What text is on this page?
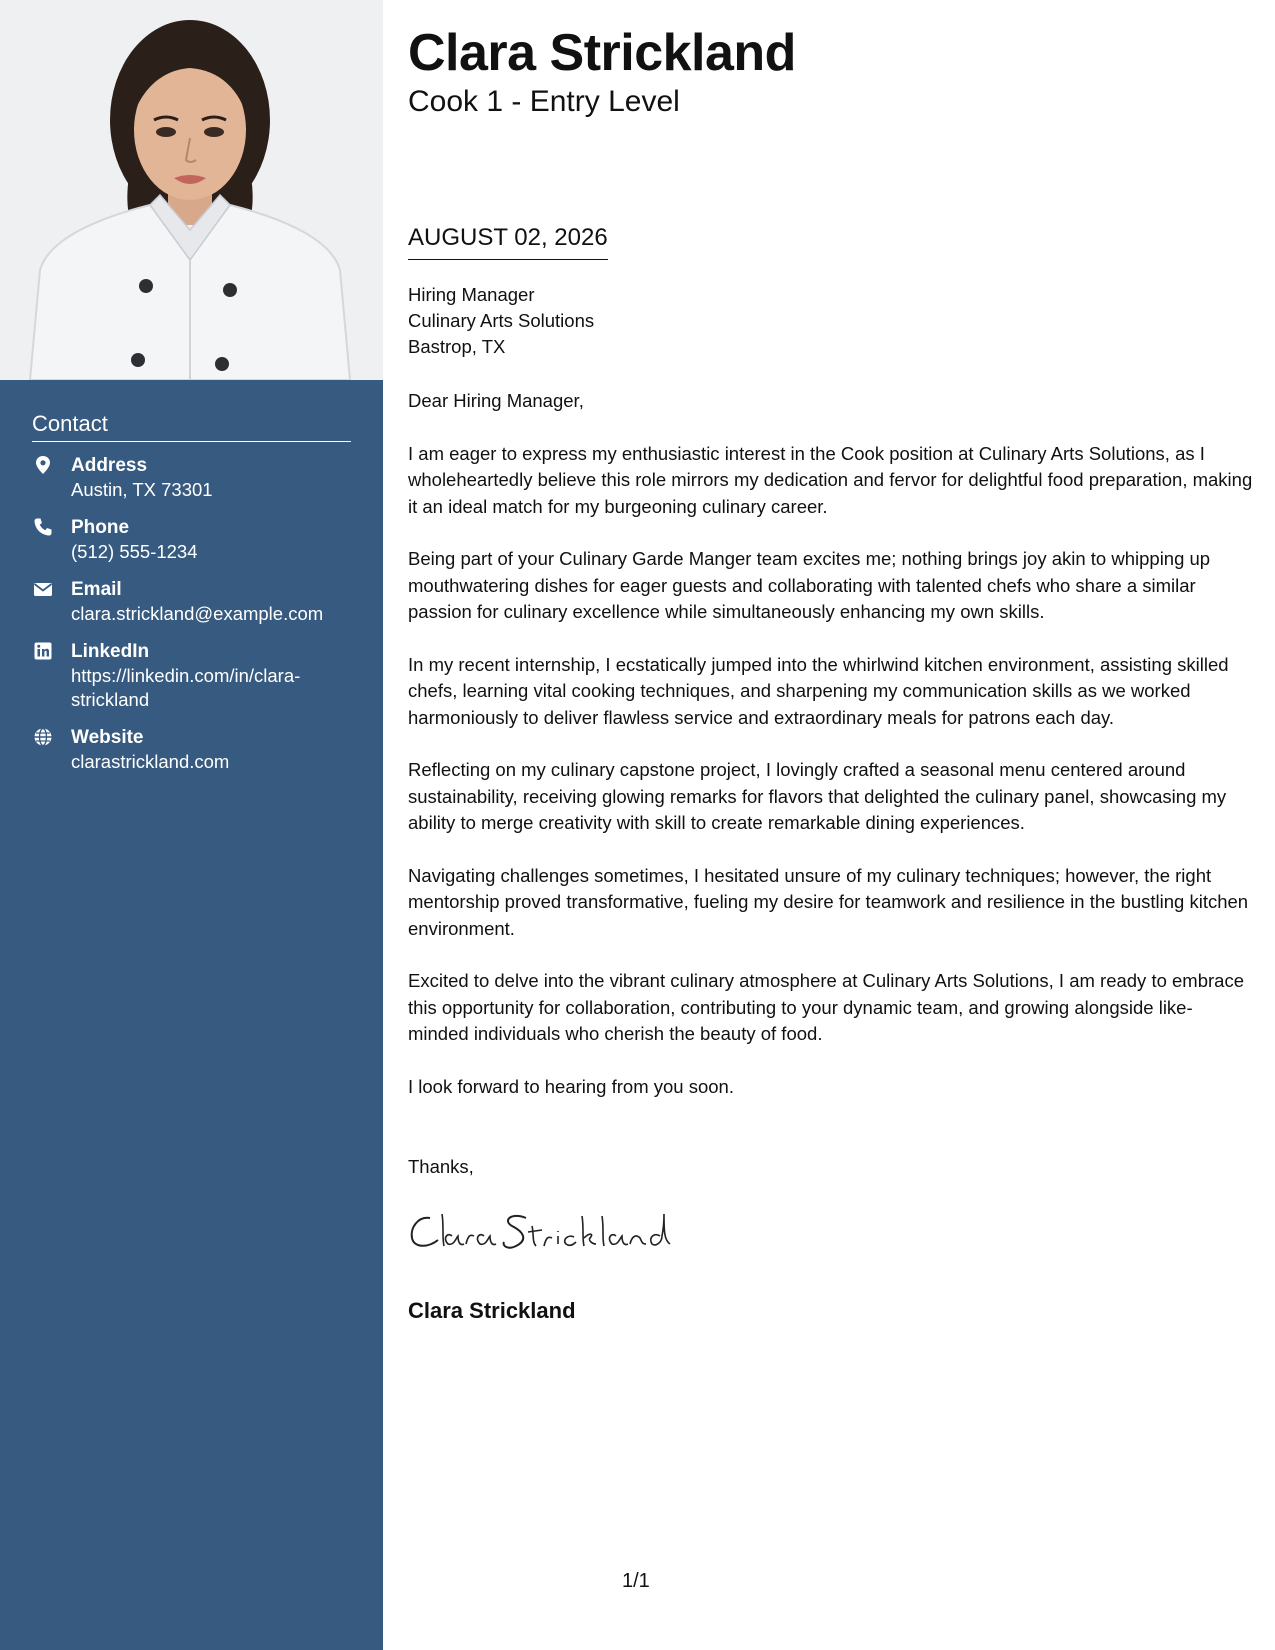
Contact
Address
Austin, TX 73301
Phone
(512) 555-1234
Email
clara.strickland@example.com
LinkedIn
https://linkedin.com/in/clara-strickland
Website
clarastrickland.com
Clara Strickland
Cook 1 - Entry Level
AUGUST 02, 2026
Hiring Manager
Culinary Arts Solutions
Bastrop, TX

Dear Hiring Manager,

I am eager to express my enthusiastic interest in the Cook position at Culinary Arts Solutions, as I wholeheartedly believe this role mirrors my dedication and fervor for delightful food preparation, making it an ideal match for my burgeoning culinary career.

Being part of your Culinary Garde Manger team excites me; nothing brings joy akin to whipping up mouthwatering dishes for eager guests and collaborating with talented chefs who share a similar passion for culinary excellence while simultaneously enhancing my own skills.

In my recent internship, I ecstatically jumped into the whirlwind kitchen environment, assisting skilled chefs, learning vital cooking techniques, and sharpening my communication skills as we worked harmoniously to deliver flawless service and extraordinary meals for patrons each day.

Reflecting on my culinary capstone project, I lovingly crafted a seasonal menu centered around sustainability, receiving glowing remarks for flavors that delighted the culinary panel, showcasing my ability to merge creativity with skill to create remarkable dining experiences.

Navigating challenges sometimes, I hesitated unsure of my culinary techniques; however, the right mentorship proved transformative, fueling my desire for teamwork and resilience in the bustling kitchen environment.

Excited to delve into the vibrant culinary atmosphere at Culinary Arts Solutions, I am ready to embrace this opportunity for collaboration, contributing to your dynamic team, and growing alongside like-minded individuals who cherish the beauty of food.

I look forward to hearing from you soon.

Thanks,
Clara Strickland
1/1
